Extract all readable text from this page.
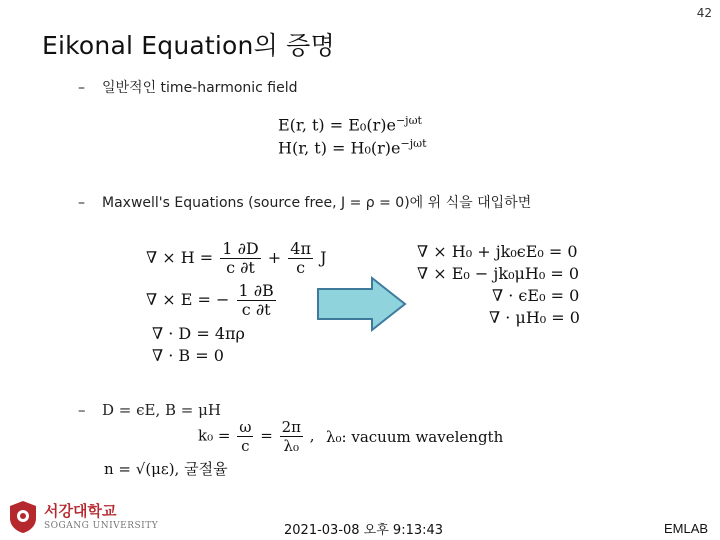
42
Eikonal Equation의 증명
– 일반적인 time-harmonic field
E(r, $t) = E_0(r)e^{-j\omega t}$
H(r, $t) = H_0(r)e^{-j\omega t}$
– Maxwell's Equations (source free, J = ρ = 0)에 위 식을 대입하면
∇ × $H = \frac{1 \partial D}{c \partial t} + \frac{4\pi}{c}$ J
∇ × E = − $\frac{1 \partial B}{c \partial t}$
∇ · D = 4πρ
∇ · B = 0
∇ × H₀ + jk₀ϵE₀ = 0
∇ × E₀ − jk₀μH₀ = 0
∇ · ϵE₀ = 0
∇ · μH₀ = 0
– D = ϵE, B = μH
$k_0 = \frac{\omega}{c} = \frac{2\pi}{\text{λ₀}}$ , λ₀: vacuum wavelength
n = √(με), 굴절율
서강대학교
SOGANG UNIVERSITY	2021-03-08 오후 9:13:43	EMLAB
